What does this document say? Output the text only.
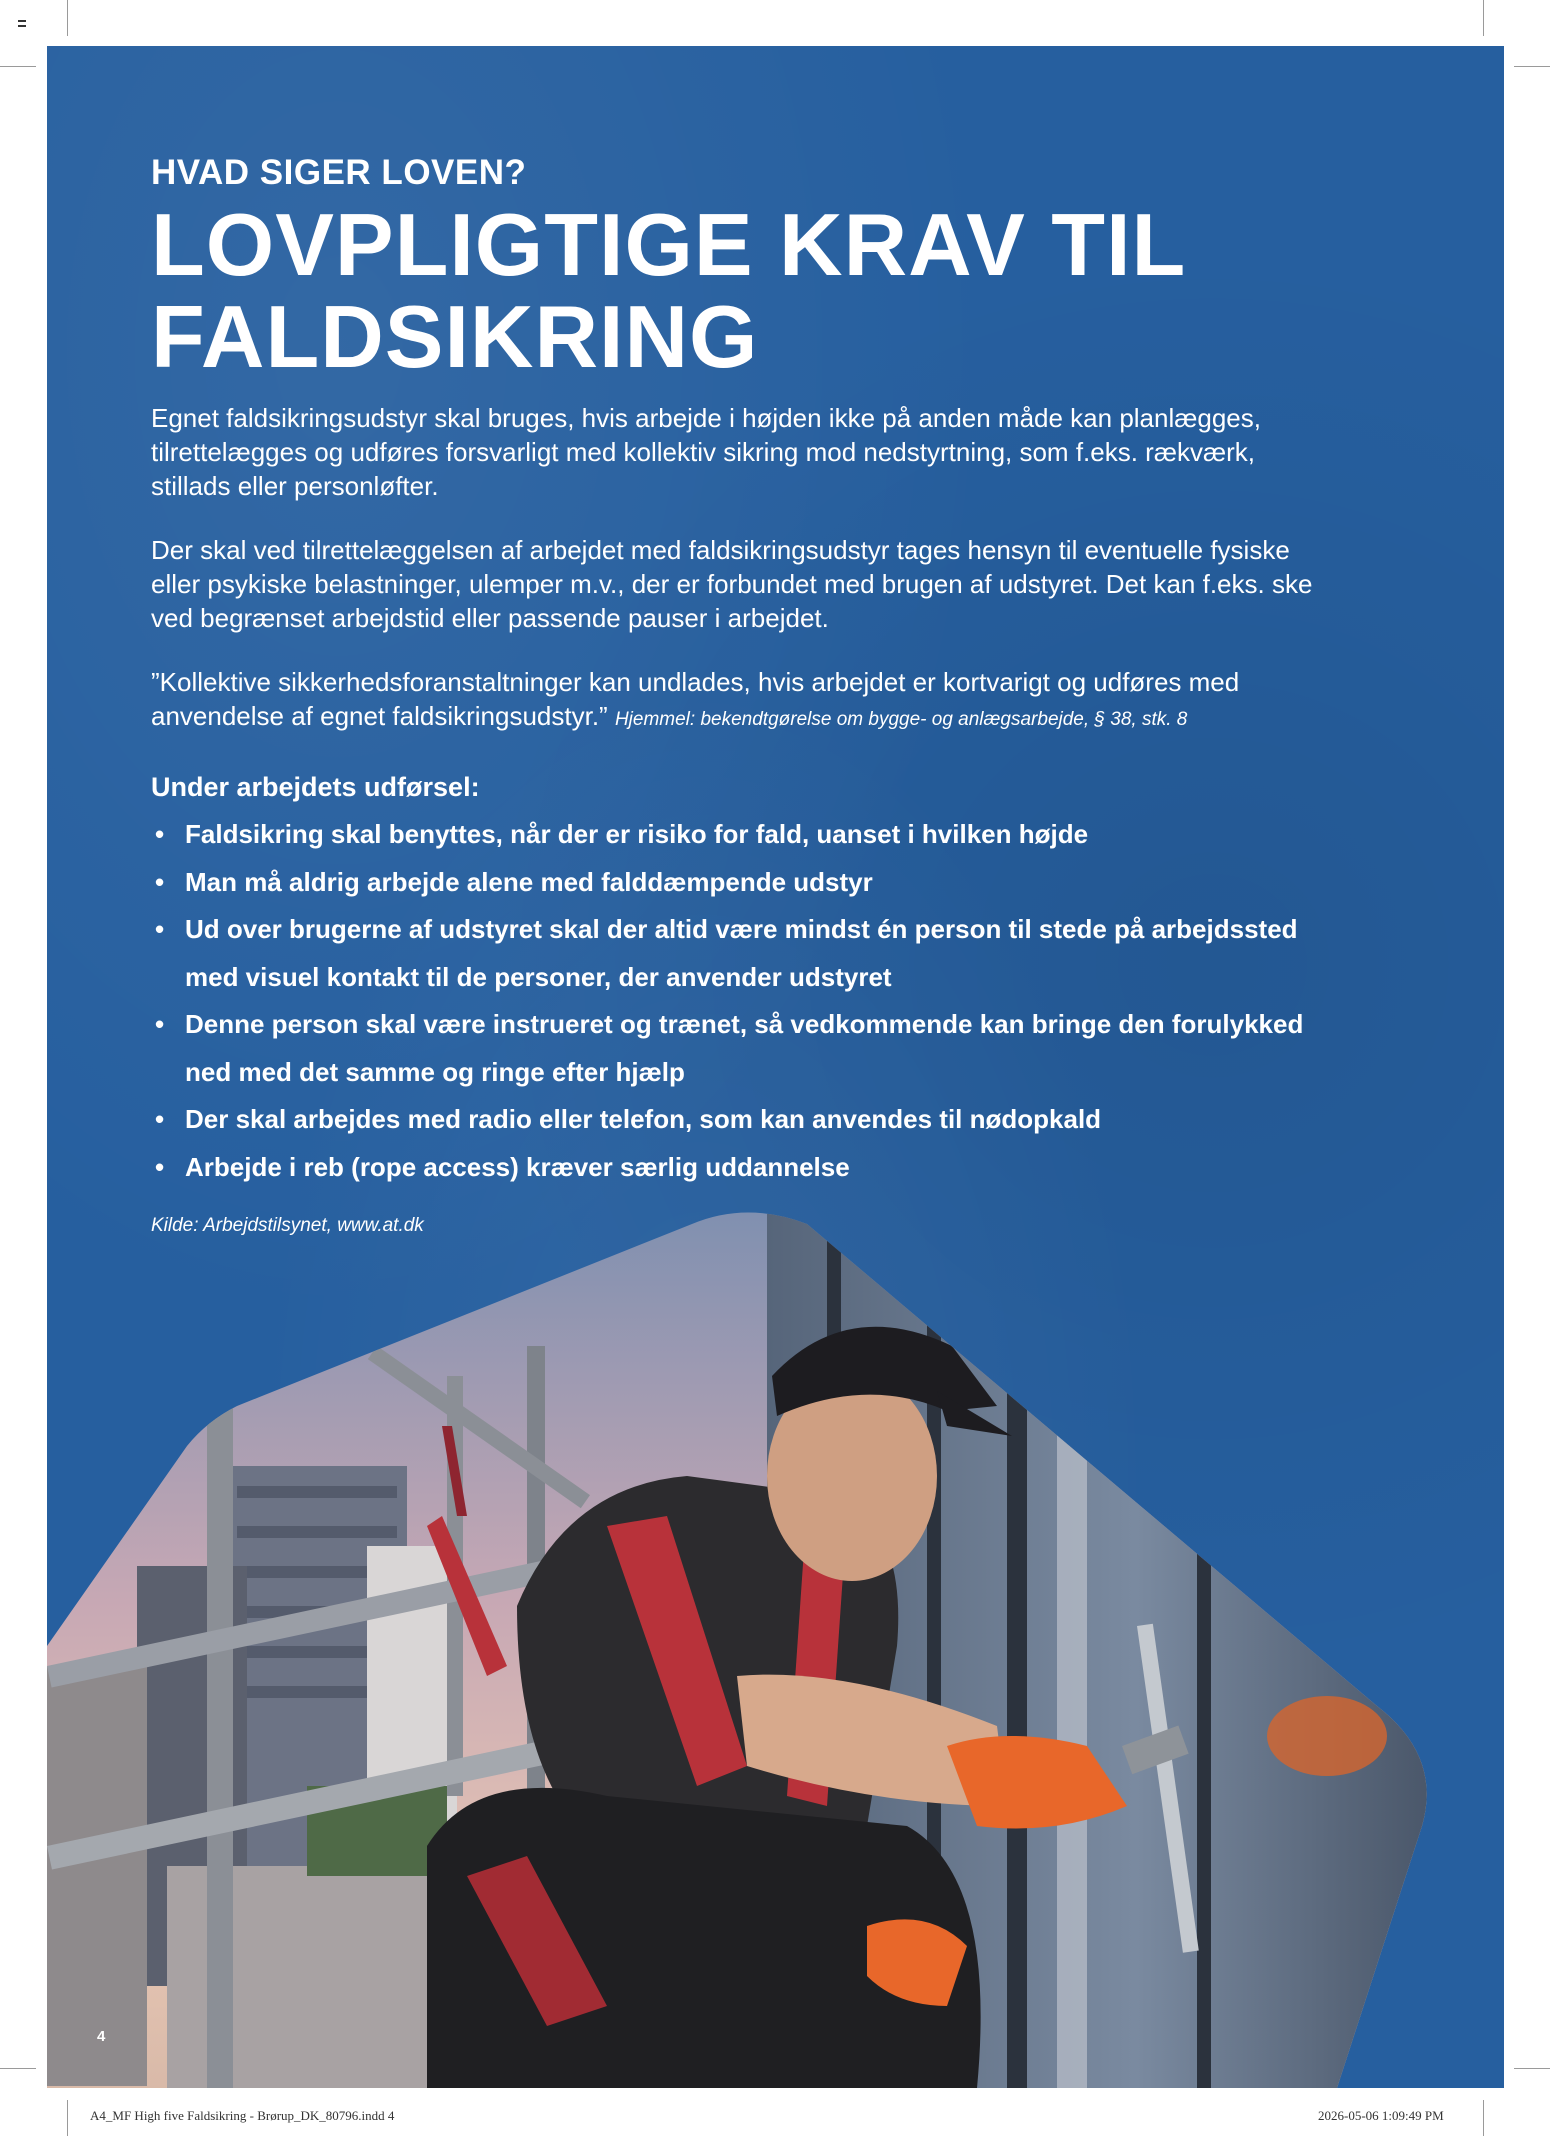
HVAD SIGER LOVEN?

LOVPLIGTIGE KRAV TIL
FALDSIKRING

Egnet faldsikringsudstyr skal bruges, hvis arbejde i højden ikke på anden måde kan planlægges, tilrettelægges og udføres forsvarligt med kollektiv sikring mod nedstyrtning, som f.eks. rækværk, stillads eller personløfter.

Der skal ved tilrettelæggelsen af arbejdet med faldsikringsudstyr tages hensyn til eventuelle fysiske eller psykiske belastninger, ulemper m.v., der er forbundet med brugen af udstyret. Det kan f.eks. ske ved begrænset arbejdstid eller passende pauser i arbejdet.

”Kollektive sikkerhedsforanstaltninger kan undlades, hvis arbejdet er kortvarigt og udføres med anvendelse af egnet faldsikringsudstyr.” Hjemmel: bekendtgørelse om bygge- og anlægsarbejde, § 38, stk. 8

Under arbejdets udførsel:

• Faldsikring skal benyttes, når der er risiko for fald, uanset i hvilken højde
• Man må aldrig arbejde alene med falddæmpende udstyr
• Ud over brugerne af udstyret skal der altid være mindst én person til stede på arbejdssted med visuel kontakt til de personer, der anvender udstyret
• Denne person skal være instrueret og trænet, så vedkommende kan bringe den forulykked ned med det samme og ringe efter hjælp
• Der skal arbejdes med radio eller telefon, som kan anvendes til nødopkald
• Arbejde i reb (rope access) kræver særlig uddannelse

Kilde: Arbejdstilsynet, www.at.dk

4
A4_MF High five Faldsikring - Brørup_DK_80796.indd 4	2026-05-06 1:09:49 PM
